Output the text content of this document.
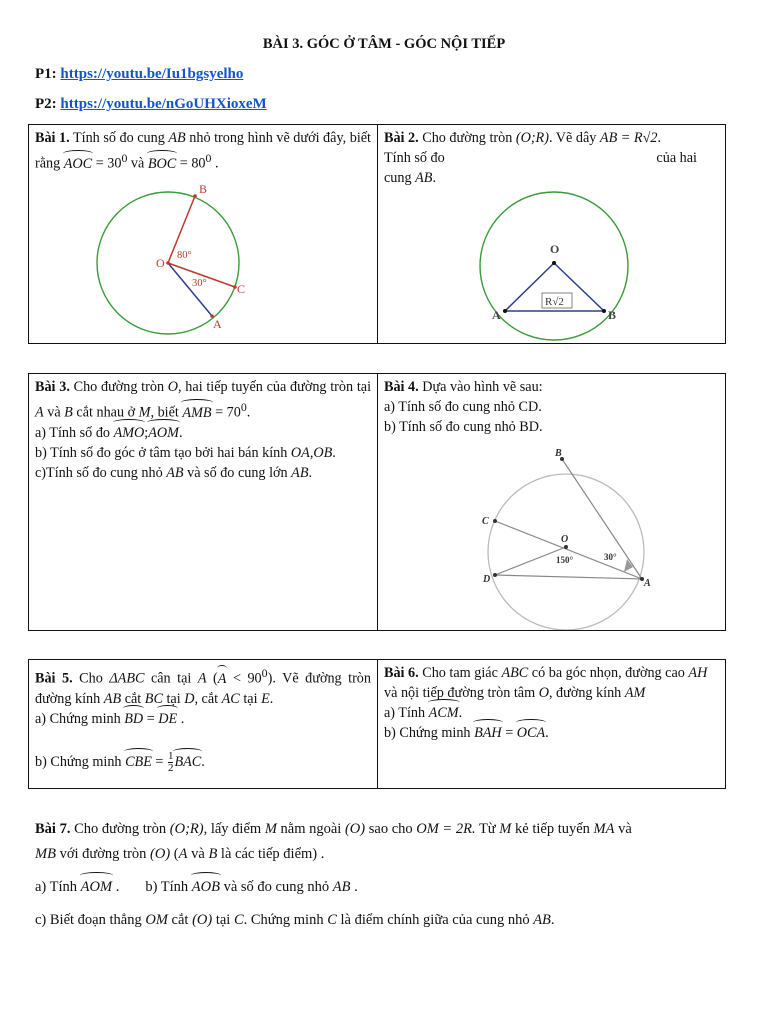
BÀI 3. GÓC Ở TÂM - GÓC NỘI TIẾP
P1: https://youtu.be/Iu1bgsyelho
P2: https://youtu.be/nGoUHXioxeM
Bài 1. Tính số đo cung AB nhỏ trong hình vẽ dưới đây, biết rằng AOC = $30^0$ và BOC = $80^0$ .
B
O
C
A
80°
30°
Bài 2. Cho đường tròn (O;R). Vẽ dây AB = R√2.
Tính số đo	của hai
cung AB.
O
A	B
R√2
Bài 3. Cho đường tròn O, hai tiếp tuyến của đường tròn tại A và B cắt nhau ở M, biết AMB = $70^0$.
a) Tính số đo AMO;AOM.
b) Tính số đo góc ở tâm tạo bởi hai bán kính OA,OB.
c)Tính số đo cung nhỏ AB và số đo cung lớn AB.
Bài 4. Dựa vào hình vẽ sau:
a) Tính số đo cung nhỏ CD.
b) Tính số đo cung nhỏ BD.
B
C
O
D	A
150°	30°
Bài 5. Cho ΔABC cân tại A $(A < 90^0)$. Vẽ đường tròn đường kính AB cắt BC tại D, cắt AC tại E.
a) Chứng minh BD = DE .
b) Chứng minh CBE = $\frac{1}{2}$ BAC.
Bài 6. Cho tam giác ABC có ba góc nhọn, đường cao AH và nội tiếp đường tròn tâm O, đường kính AM
a) Tính ACM.
b) Chứng minh BAH = OCA.
Bài 7. Cho đường tròn (O;R), lấy điểm M nằm ngoài (O) sao cho OM = 2R. Từ M kẻ tiếp tuyến MA và
MB với đường tròn (O) (A và B là các tiếp điểm) .
a) Tính AOM . b) Tính AOB và số đo cung nhỏ AB .
c) Biết đoạn thẳng OM cắt (O) tại C. Chứng minh C là điểm chính giữa của cung nhỏ AB.
